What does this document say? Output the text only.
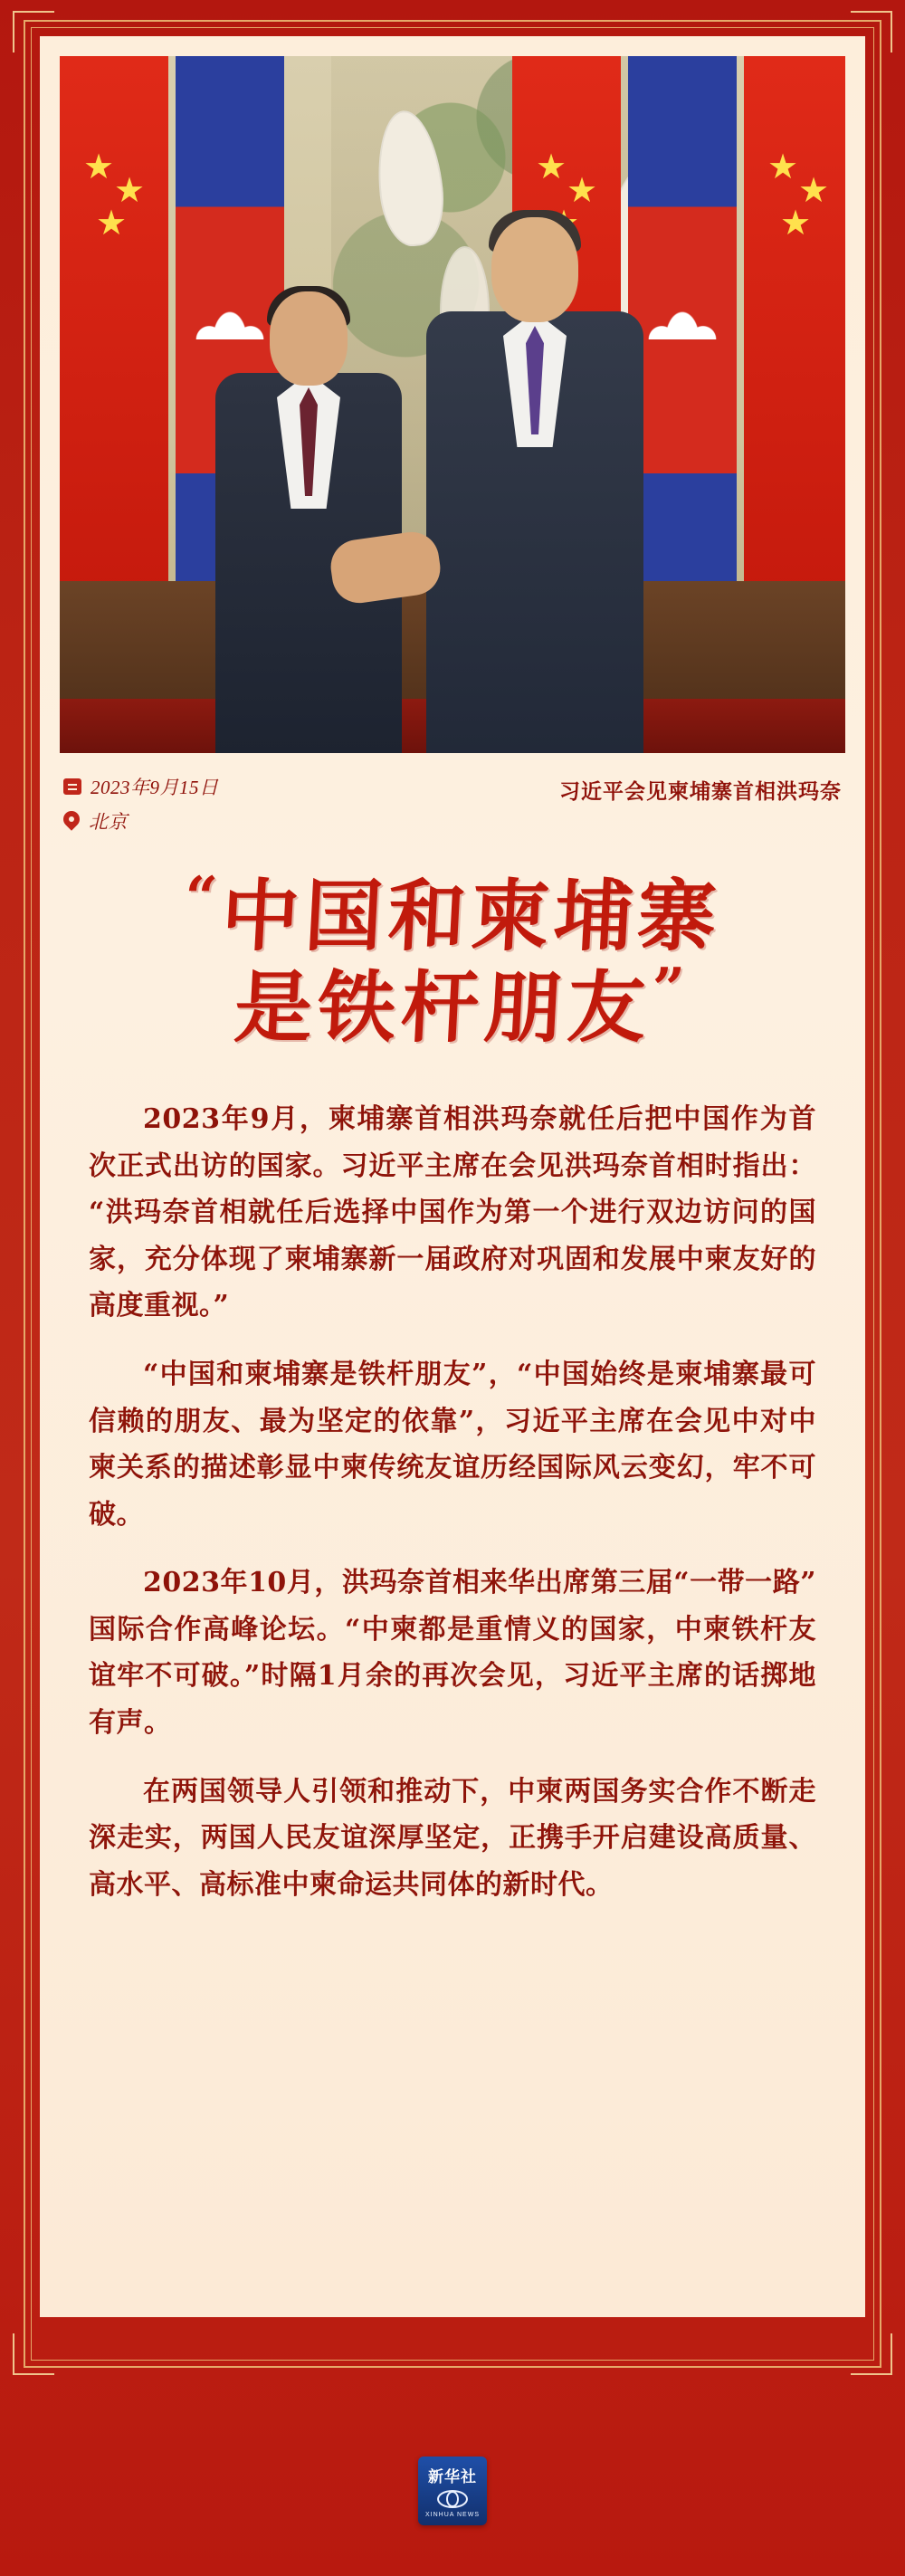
★
★
★
2023年9月15日
北京
习近平会见柬埔寨首相洪玛奈
“中国和柬埔寨
是铁杆朋友”

2023年9月，柬埔寨首相洪玛奈就任后把中国作为首次正式出访的国家。习近平主席在会见洪玛奈首相时指出：“洪玛奈首相就任后选择中国作为第一个进行双边访问的国家，充分体现了柬埔寨新一届政府对巩固和发展中柬友好的高度重视。”

“中国和柬埔寨是铁杆朋友”，“中国始终是柬埔寨最可信赖的朋友、最为坚定的依靠”，习近平主席在会见中对中柬关系的描述彰显中柬传统友谊历经国际风云变幻，牢不可破。

2023年10月，洪玛奈首相来华出席第三届“一带一路”国际合作高峰论坛。“中柬都是重情义的国家，中柬铁杆友谊牢不可破。”时隔1月余的再次会见，习近平主席的话掷地有声。

在两国领导人引领和推动下，中柬两国务实合作不断走深走实，两国人民友谊深厚坚定，正携手开启建设高质量、高水平、高标准中柬命运共同体的新时代。

新华社
XINHUA NEWS
